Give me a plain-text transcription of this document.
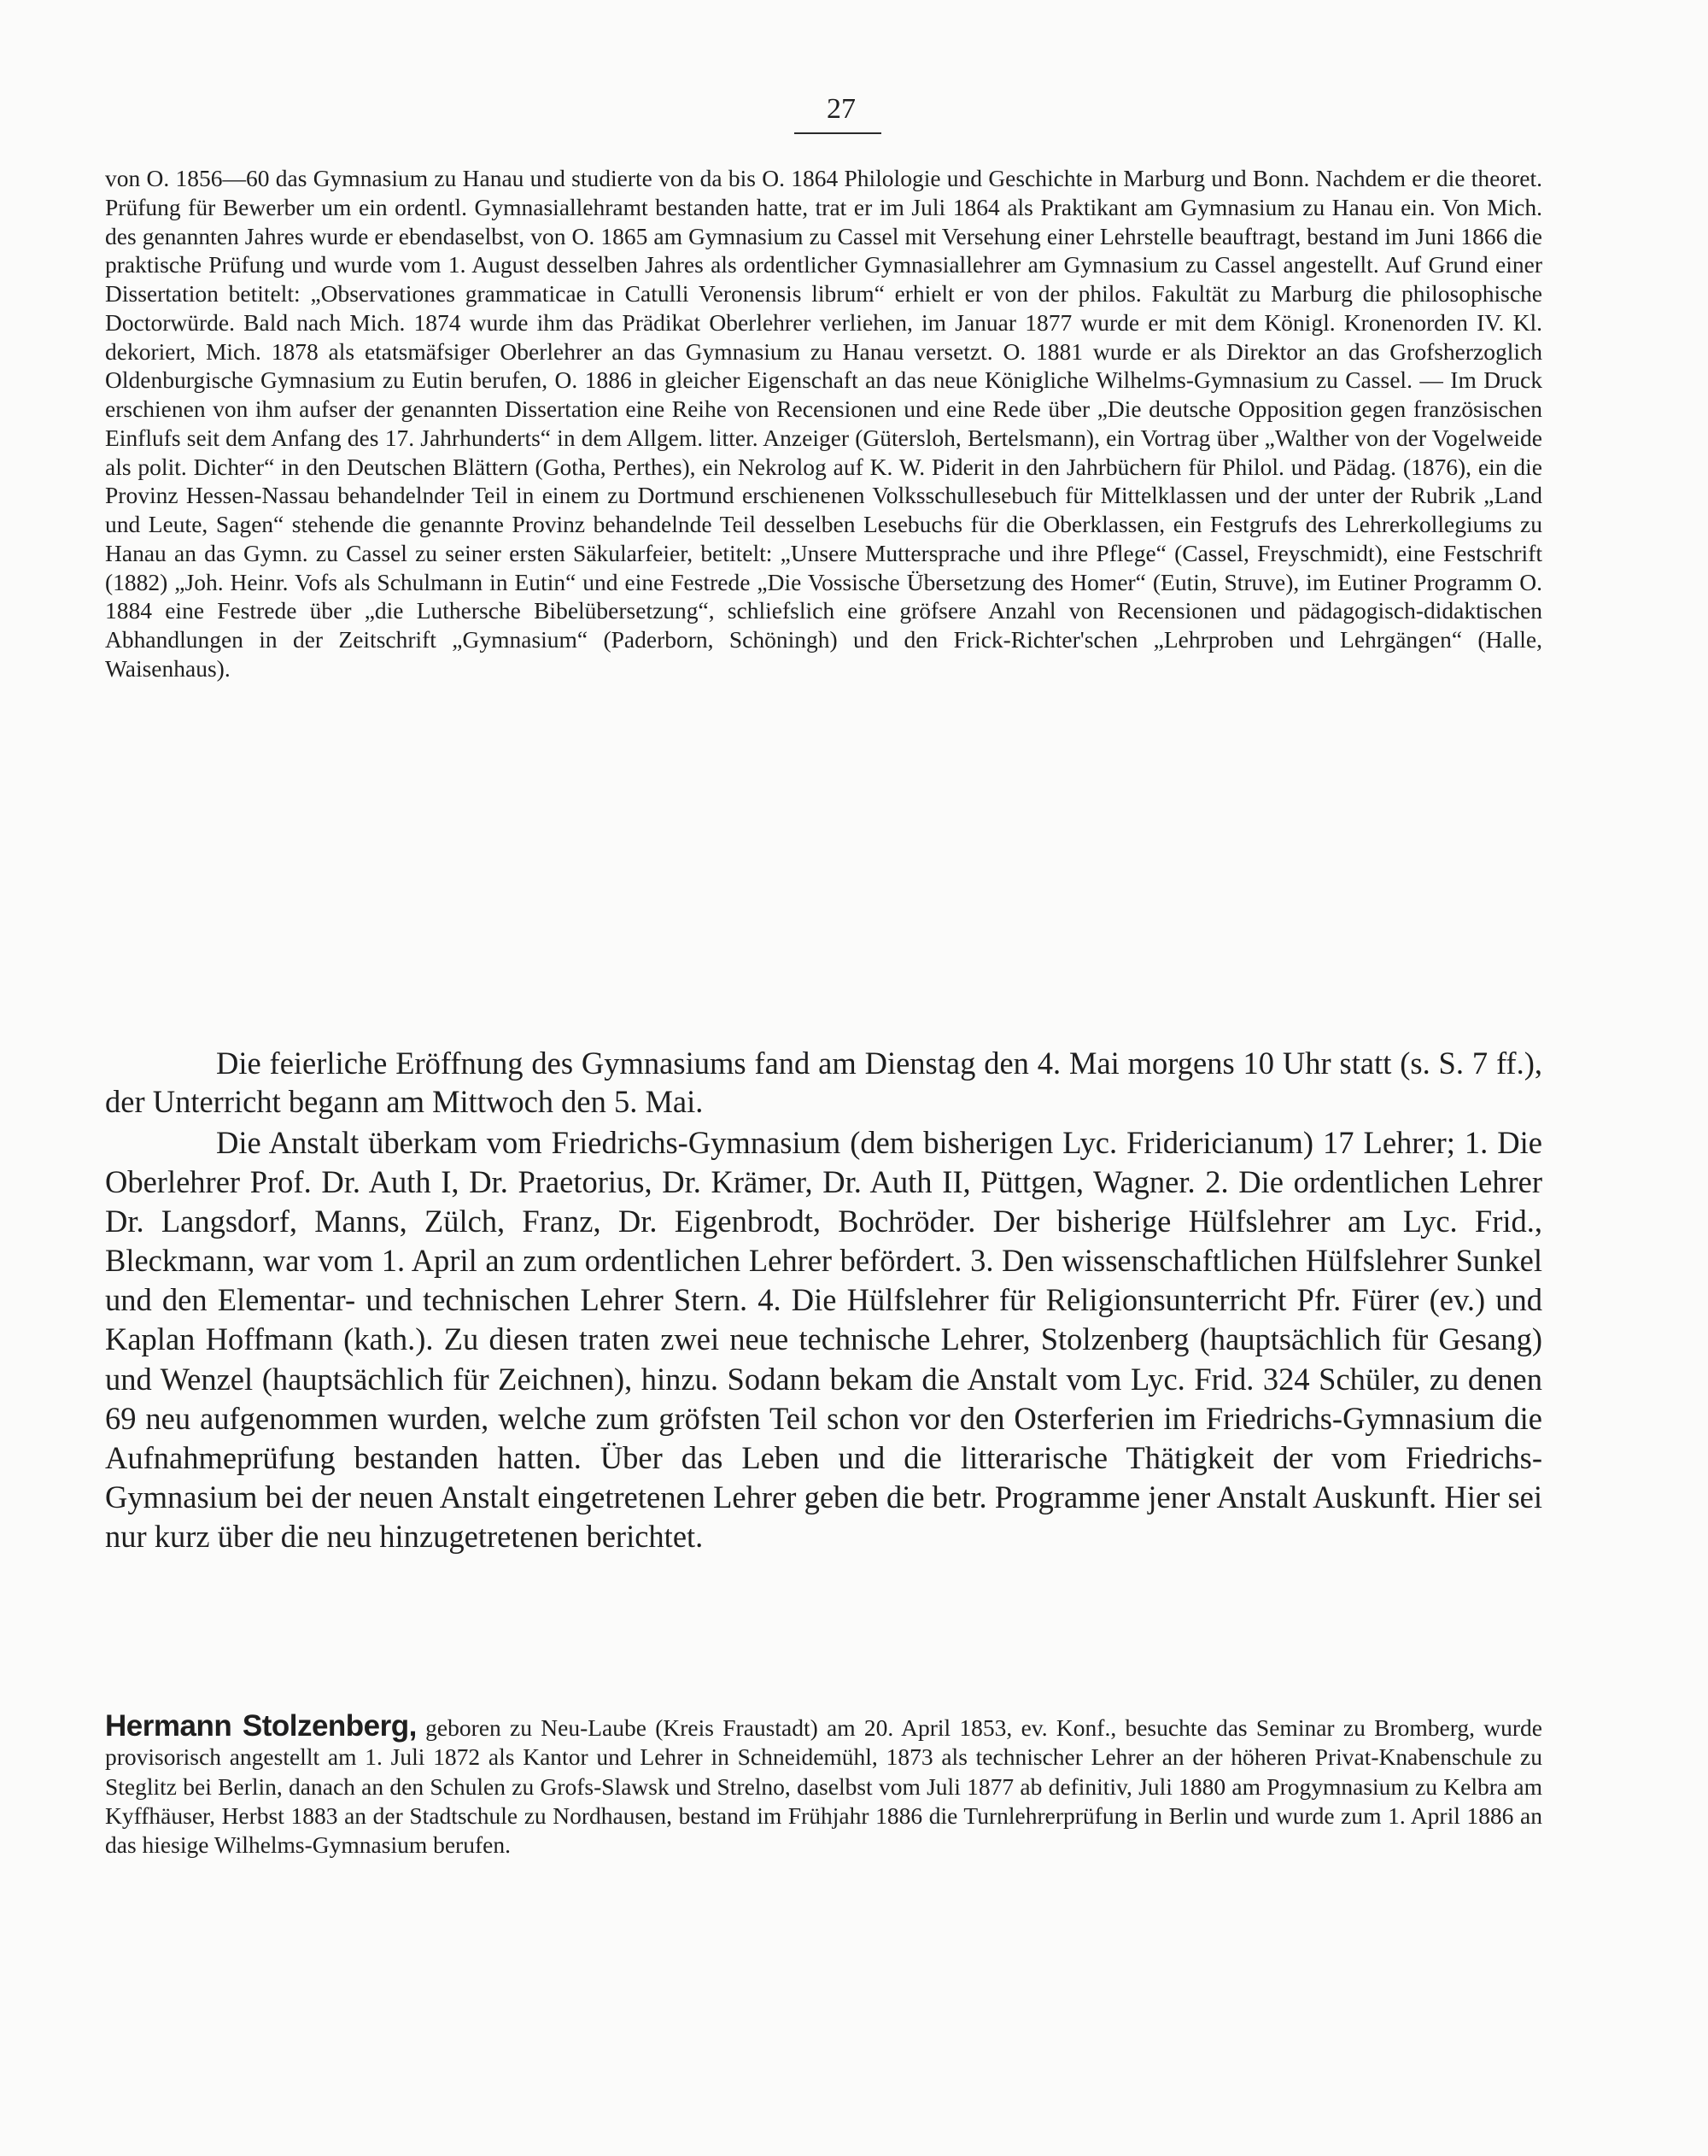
27

von O. 1856—60 das Gymnasium zu Hanau und studierte von da bis O. 1864 Philologie und Geschichte in Marburg und Bonn. Nachdem er die theoret. Prüfung für Bewerber um ein ordentl. Gymnasiallehramt bestanden hatte, trat er im Juli 1864 als Praktikant am Gymnasium zu Hanau ein. Von Mich. des genannten Jahres wurde er ebendaselbst, von O. 1865 am Gymnasium zu Cassel mit Versehung einer Lehrstelle beauftragt, bestand im Juni 1866 die praktische Prüfung und wurde vom 1. August desselben Jahres als ordentlicher Gymnasiallehrer am Gymnasium zu Cassel angestellt. Auf Grund einer Dissertation betitelt: „Observationes grammaticae in Catulli Veronensis librum“ erhielt er von der philos. Fakultät zu Marburg die philosophische Doctorwürde. Bald nach Mich. 1874 wurde ihm das Prädikat Oberlehrer verliehen, im Januar 1877 wurde er mit dem Königl. Kronenorden IV. Kl. dekoriert, Mich. 1878 als etatsmäfsiger Oberlehrer an das Gymnasium zu Hanau versetzt. O. 1881 wurde er als Direktor an das Grofsherzoglich Oldenburgische Gymnasium zu Eutin berufen, O. 1886 in gleicher Eigenschaft an das neue Königliche Wilhelms-Gymnasium zu Cassel. — Im Druck erschienen von ihm aufser der genannten Dissertation eine Reihe von Recensionen und eine Rede über „Die deutsche Opposition gegen französischen Einflufs seit dem Anfang des 17. Jahrhunderts“ in dem Allgem. litter. Anzeiger (Gütersloh, Bertelsmann), ein Vortrag über „Walther von der Vogelweide als polit. Dichter“ in den Deutschen Blättern (Gotha, Perthes), ein Nekrolog auf K. W. Piderit in den Jahrbüchern für Philol. und Pädag. (1876), ein die Provinz Hessen-Nassau behandelnder Teil in einem zu Dortmund erschienenen Volksschullesebuch für Mittelklassen und der unter der Rubrik „Land und Leute, Sagen“ stehende die genannte Provinz behandelnde Teil desselben Lesebuchs für die Oberklassen, ein Festgrufs des Lehrerkollegiums zu Hanau an das Gymn. zu Cassel zu seiner ersten Säkularfeier, betitelt: „Unsere Muttersprache und ihre Pflege“ (Cassel, Freyschmidt), eine Festschrift (1882) „Joh. Heinr. Vofs als Schulmann in Eutin“ und eine Festrede „Die Vossische Übersetzung des Homer“ (Eutin, Struve), im Eutiner Programm O. 1884 eine Festrede über „die Luthersche Bibelübersetzung“, schliefslich eine gröfsere Anzahl von Recensionen und pädagogisch-didaktischen Abhandlungen in der Zeitschrift „Gymnasium“ (Paderborn, Schöningh) und den Frick-Richter'schen „Lehrproben und Lehrgängen“ (Halle, Waisenhaus).

Die feierliche Eröffnung des Gymnasiums fand am Dienstag den 4. Mai morgens 10 Uhr statt (s. S. 7 ff.), der Unterricht begann am Mittwoch den 5. Mai.

Die Anstalt überkam vom Friedrichs-Gymnasium (dem bisherigen Lyc. Fridericianum) 17 Lehrer; 1. Die Oberlehrer Prof. Dr. Auth I, Dr. Praetorius, Dr. Krämer, Dr. Auth II, Püttgen, Wagner. 2. Die ordentlichen Lehrer Dr. Langsdorf, Manns, Zülch, Franz, Dr. Eigenbrodt, Bochröder. Der bisherige Hülfslehrer am Lyc. Frid., Bleckmann, war vom 1. April an zum ordentlichen Lehrer befördert. 3. Den wissenschaftlichen Hülfslehrer Sunkel und den Elementar- und technischen Lehrer Stern. 4. Die Hülfslehrer für Religionsunterricht Pfr. Fürer (ev.) und Kaplan Hoffmann (kath.). Zu diesen traten zwei neue technische Lehrer, Stolzenberg (hauptsächlich für Gesang) und Wenzel (hauptsächlich für Zeichnen), hinzu. Sodann bekam die Anstalt vom Lyc. Frid. 324 Schüler, zu denen 69 neu aufgenommen wurden, welche zum gröfsten Teil schon vor den Osterferien im Friedrichs-Gymnasium die Aufnahmeprüfung bestanden hatten. Über das Leben und die litterarische Thätigkeit der vom Friedrichs-Gymnasium bei der neuen Anstalt eingetretenen Lehrer geben die betr. Programme jener Anstalt Auskunft. Hier sei nur kurz über die neu hinzugetretenen berichtet.

Hermann Stolzenberg, geboren zu Neu-Laube (Kreis Fraustadt) am 20. April 1853, ev. Konf., besuchte das Seminar zu Bromberg, wurde provisorisch angestellt am 1. Juli 1872 als Kantor und Lehrer in Schneidemühl, 1873 als technischer Lehrer an der höheren Privat-Knabenschule zu Steglitz bei Berlin, danach an den Schulen zu Grofs-Slawsk und Strelno, daselbst vom Juli 1877 ab definitiv, Juli 1880 am Progymnasium zu Kelbra am Kyffhäuser, Herbst 1883 an der Stadtschule zu Nordhausen, bestand im Frühjahr 1886 die Turnlehrerprüfung in Berlin und wurde zum 1. April 1886 an das hiesige Wilhelms-Gymnasium berufen.
